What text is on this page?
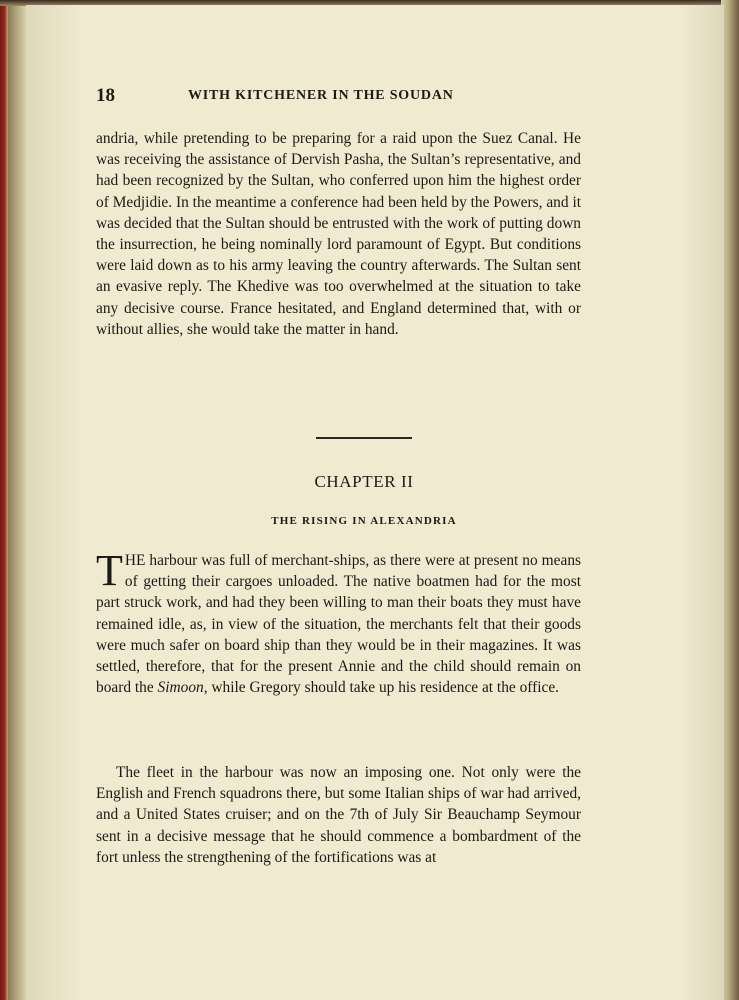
18	WITH KITCHENER IN THE SOUDAN

andria, while pretending to be preparing for a raid upon the Suez Canal. He was receiving the assistance of Dervish Pasha, the Sultan’s representative, and had been recognized by the Sultan, who conferred upon him the highest order of Medjidie. In the meantime a conference had been held by the Powers, and it was decided that the Sultan should be entrusted with the work of putting down the insurrection, he being nominally lord paramount of Egypt. But conditions were laid down as to his army leaving the country afterwards. The Sultan sent an evasive reply. The Khedive was too overwhelmed at the situation to take any decisive course. France hesitated, and England determined that, with or without allies, she would take the matter in hand.

CHAPTER II
THE RISING IN ALEXANDRIA

THE harbour was full of merchant-ships, as there were at present no means of getting their cargoes unloaded. The native boatmen had for the most part struck work, and had they been willing to man their boats they must have remained idle, as, in view of the situation, the merchants felt that their goods were much safer on board ship than they would be in their magazines. It was settled, therefore, that for the present Annie and the child should remain on board the Simoon, while Gregory should take up his residence at the office.

The fleet in the harbour was now an imposing one. Not only were the English and French squadrons there, but some Italian ships of war had arrived, and a United States cruiser; and on the 7th of July Sir Beauchamp Seymour sent in a decisive message that he should commence a bombardment of the fort unless the strengthening of the fortifications was at
